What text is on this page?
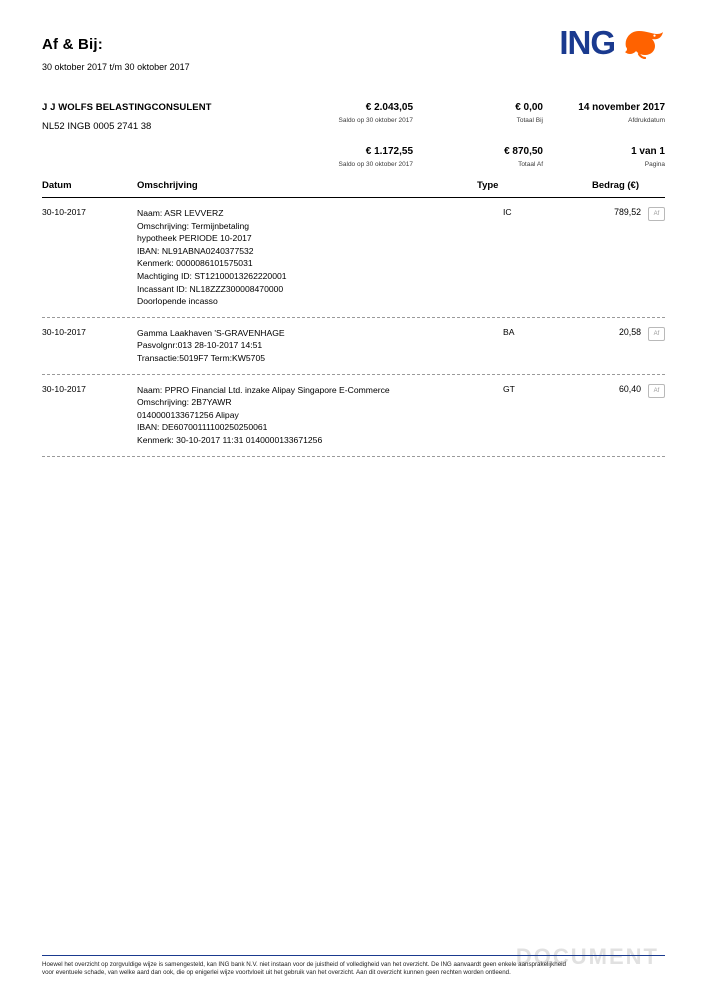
Af & Bij:
30 oktober 2017 t/m 30 oktober 2017
ING
J J WOLFS BELASTINGCONSULENT
NL52 INGB 0005 2741 38
€ 2.043,05
Saldo op 30 oktober 2017
€ 0,00
Totaal Bij
14 november 2017
Afdrukdatum
€ 1.172,55
Saldo op 30 oktober 2017
€ 870,50
Totaal Af
1 van 1
Pagina
Datum	Omschrijving	Type	Bedrag (€)
30-10-2017	Naam: ASR LEVVERZ
Omschrijving: Termijnbetaling
hypotheek PERIODE 10-2017
IBAN: NL91ABNA0240377532
Kenmerk: 0000086101575031
Machtiging ID: ST12100013262220001
Incassant ID: NL18ZZZ300008470000
Doorlopende incasso
IC	789,52	Af
30-10-2017	Gamma Laakhaven 'S-GRAVENHAGE
Pasvolgnr:013 28-10-2017 14:51
Transactie:5019F7 Term:KW5705
BA	20,58	Af
30-10-2017	Naam: PPRO Financial Ltd. inzake Alipay Singapore E-Commerce
Omschrijving: 2B7YAWR
0140000133671256 Alipay
IBAN: DE60700111100250250061
Kenmerk: 30-10-2017 11:31 0140000133671256
GT	60,40	Af
DOCUMENT
Hoewel het overzicht op zorgvuldige wijze is samengesteld, kan ING bank N.V. niet instaan voor de juistheid of volledigheid van het overzicht. De ING aanvaardt geen enkele aansprakelijkheid
voor eventuele schade, van welke aard dan ook, die op enigerlei wijze voortvloeit uit het gebruik van het overzicht. Aan dit overzicht kunnen geen rechten worden ontleend.
